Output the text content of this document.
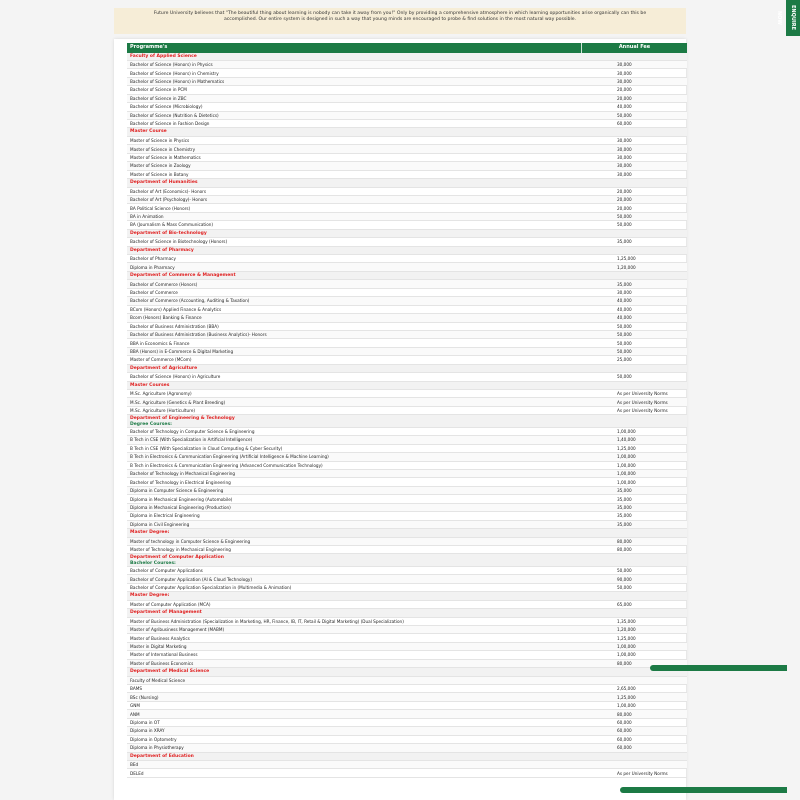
Future University believes that "The beautiful thing about learning is nobody can take it away from you!" Only by providing a comprehensive atmosphere in which learning opportunities arise organically can this be accomplished. Our entire system is designed in such a way that young minds are encouraged to probe & find solutions in the most natural way possible.	ENQUIRE NOW
Programme's	Annual Fee
Faculty of Applied Science
Bachelor of Science (Honors) in Physics	30,000
Bachelor of Science (Honors) in Chemistry	30,000
Bachelor of Science (Honors) in Mathematics	30,000
Bachelor of Science in PCM	20,000
Bachelor of Science in ZBC	20,000
Bachelor of Science (Microbiology)	40,000
Bachelor of Science (Nutrition & Dietetics)	50,000
Bachelor of Science in Fashion Design	60,000
Master Course
Master of Science in Physics	30,000
Master of Science in Chemistry	30,000
Master of Science in Mathematics	30,000
Master of Science in Zoology	30,000
Master of Science in Botany	30,000
Department of Humanities
Bachelor of Art (Economics)- Honors	20,000
Bachelor of Art (Psychology)- Honors	20,000
BA Political Science (Honors)	20,000
BA in Animation	50,000
BA (Journalism & Mass Communication)	50,000
Department of Bio-technology
Bachelor of Science in Biotechnology (Honors)	35,000
Department of Pharmacy
Bachelor of Pharmacy	1,25,000
Diploma in Pharmacy	1,20,000
Department of Commerce & Management
Bachelor of Commerce (Honors)	35,000
Bachelor of Commerce	30,000
Bachelor of Commerce (Accounting, Auditing & Taxation)	40,000
BCom (Honors) Applied Finance & Analytics	40,000
Bcom (Honors) Banking & Finance	40,000
Bachelor of Business Administration (BBA)	50,000
Bachelor of Business Administration (Business Analytics)- Honors	50,000
BBA in Economics & Finance	50,000
BBA (Honors) in E-Commerce & Digital Marketing	50,000
Master of Commerce (MCom)	25,000
Department of Agriculture
Bachelor of Science (Honors) in Agriculture	50,000
Master Courses
M.Sc. Agriculture (Agronomy)	As per University Norms
M.Sc. Agriculture (Genetics & Plant Breeding)	As per University Norms
M.Sc. Agriculture (Horticulture)	As per University Norms
Department of Engineering & Technology
Degree Courses:
Bachelor of Technology in Computer Science & Engineering	1,00,000
B Tech in CSE (With Specialization in Artificial Intelligence)	1,40,000
B Tech in CSE (With Specialization in Cloud Computing & Cyber Security)	1,25,000
B Tech in Electronics & Communication Engineering (Artificial Intelligence & Machine Learning)	1,00,000
B Tech in Electronics & Communication Engineering (Advanced Communication Technology)	1,00,000
Bachelor of Technology in Mechanical Engineering	1,00,000
Bachelor of Technology in Electrical Engineering	1,00,000
Diploma in Computer Science & Engineering	35,000
Diploma in Mechanical Engineering (Automobile)	35,000
Diploma in Mechanical Engineering (Production)	35,000
Diploma in Electrical Engineering	35,000
Diploma in Civil Engineering	35,000
Master Degree:
Master of technology in Computer Science & Engineering	80,000
Master of Technology in Mechanical Engineering	80,000
Department of Computer Application
Bachelor Courses:
Bachelor of Computer Applications	50,000
Bachelor of Computer Application (AI & Cloud Technology)	90,000
Bachelor of Computer Application Specialization in (Multimedia & Animation)	50,000
Master Degree:
Master of Computer Application (MCA)	65,000
Department of Management
Master of Business Administration (Specialization in Marketing, HR, Finance, IB, IT, Retail & Digital Marketing) (Dual Specialization)	1,35,000
Master of Agribusiness Management (MABM)	1,20,000
Master of Business Analytics	1,25,000
Master in Digital Marketing	1,00,000
Master of International Business	1,00,000
Master of Business Economics	80,000
Department of Medical Science
Faculty of Medical Science
BAMS	2,65,000
BSc (Nursing)	1,25,000
GNM	1,00,000
ANM	80,000
Diploma in OT	60,000
Diploma in XRAY	60,000
Diploma in Optometry	60,000
Diploma in Physiotherapy	60,000
Department of Education
BEd
DELEd	As per University Norms
